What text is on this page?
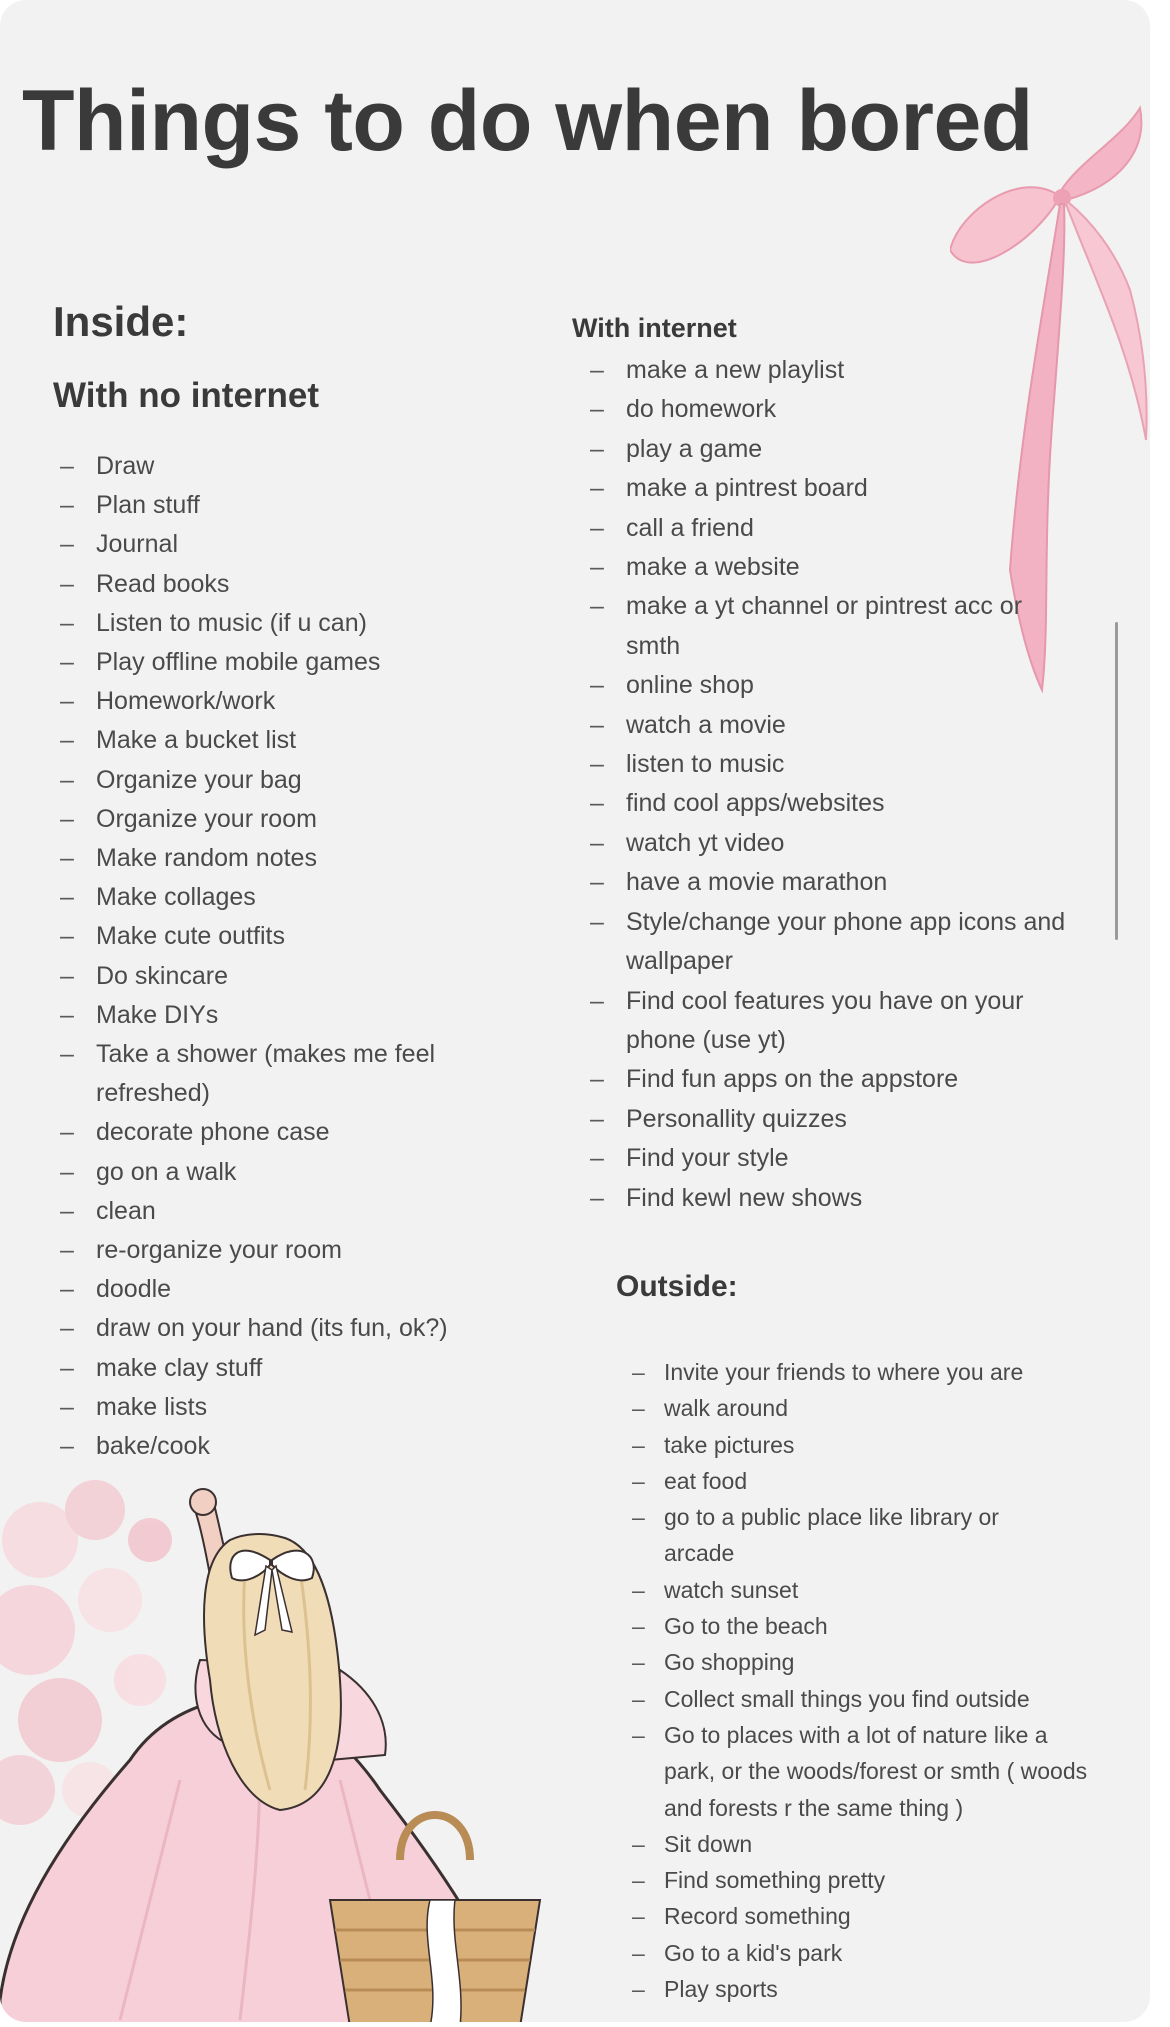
Things to do when bored
Inside:
With no internet
– Draw
– Plan stuff
– Journal
– Read books
– Listen to music (if u can)
– Play offline mobile games
– Homework/work
– Make a bucket list
– Organize your bag
– Organize your room
– Make random notes
– Make collages
– Make cute outfits
– Do skincare
– Make DIYs
– Take a shower (makes me feel refreshed)
– decorate phone case
– go on a walk
– clean
– re-organize your room
– doodle
– draw on your hand (its fun, ok?)
– make clay stuff
– make lists
– bake/cook
With internet
– make a new playlist
– do homework
– play a game
– make a pintrest board
– call a friend
– make a website
– make a yt channel or pintrest acc or smth
– online shop
– watch a movie
– listen to music
– find cool apps/websites
– watch yt video
– have a movie marathon
– Style/change your phone app icons and wallpaper
– Find cool features you have on your phone (use yt)
– Find fun apps on the appstore
– Personallity quizzes
– Find your style
– Find kewl new shows
Outside:
– Invite your friends to where you are
– walk around
– take pictures
– eat food
– go to a public place like library or arcade
– watch sunset
– Go to the beach
– Go shopping
– Collect small things you find outside
– Go to places with a lot of nature like a park, or the woods/forest or smth ( woods and forests r the same thing )
– Sit down
– Find something pretty
– Record something
– Go to a kid's park
– Play sports
